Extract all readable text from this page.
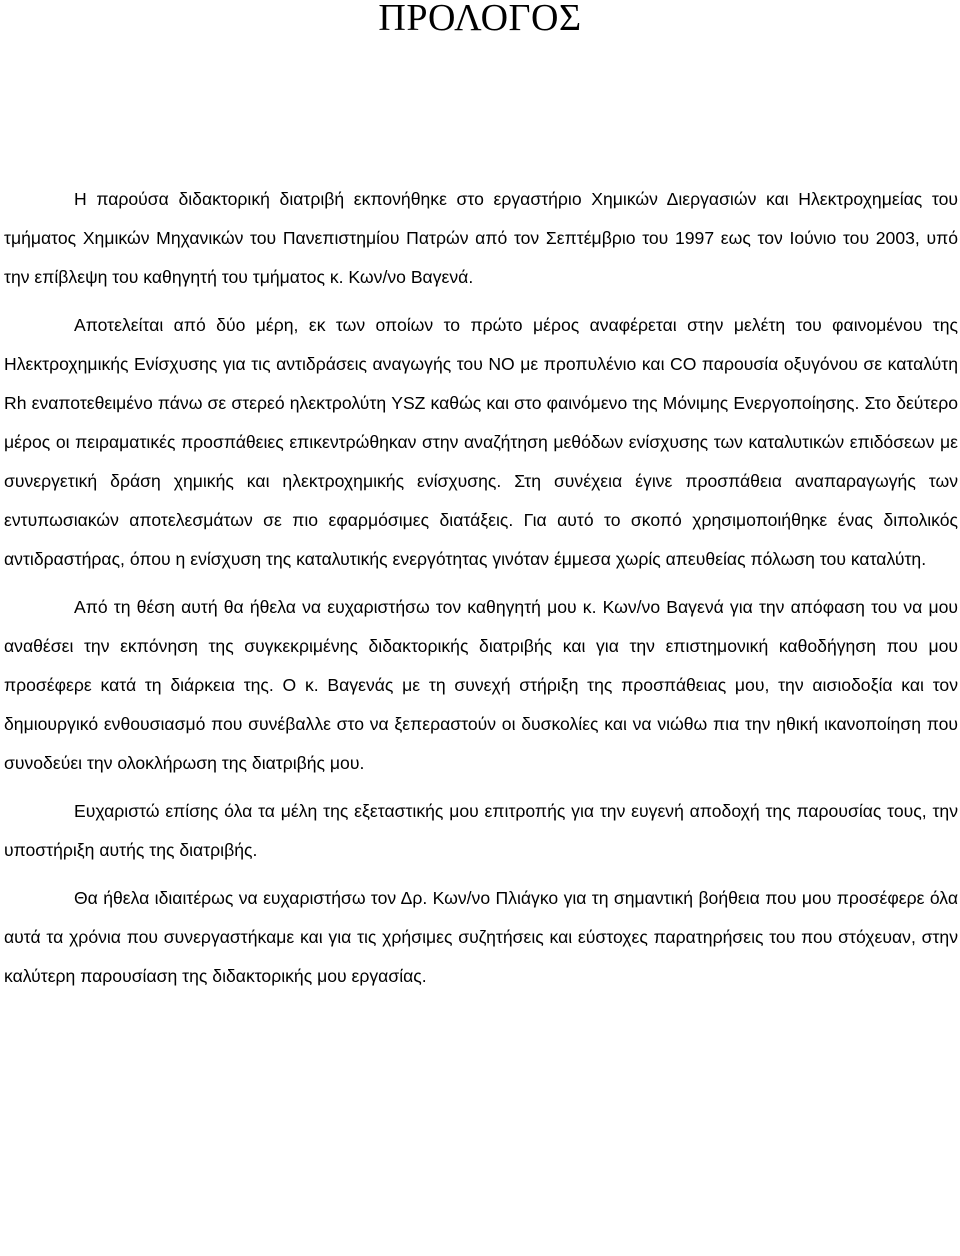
ΠΡΟΛΟΓΟΣ

Η παρούσα διδακτορική διατριβή εκπονήθηκε στο εργαστήριο Χημικών Διεργασιών και Ηλεκτροχημείας του τμήματος Χημικών Μηχανικών του Πανεπιστημίου Πατρών από τον Σεπτέμβριο του 1997 εως τον Ιούνιο του 2003, υπό την επίβλεψη του καθηγητή του τμήματος κ. Κων/νο Βαγενά.

Αποτελείται από δύο μέρη, εκ των οποίων το πρώτο μέρος αναφέρεται στην μελέτη του φαινομένου της Ηλεκτροχημικής Ενίσχυσης για τις αντιδράσεις αναγωγής του NO με προπυλένιο και CO παρουσία οξυγόνου σε καταλύτη Rh εναποτεθειμένο πάνω σε στερεό ηλεκτρολύτη YSZ καθώς και στο φαινόμενο της Μόνιμης Ενεργοποίησης. Στο δεύτερο μέρος οι πειραματικές προσπάθειες επικεντρώθηκαν στην αναζήτηση μεθόδων ενίσχυσης των καταλυτικών επιδόσεων με συνεργετική δράση χημικής και ηλεκτροχημικής ενίσχυσης. Στη συνέχεια έγινε προσπάθεια αναπαραγωγής των εντυπωσιακών αποτελεσμάτων σε πιο εφαρμόσιμες διατάξεις. Για αυτό το σκοπό χρησιμοποιήθηκε ένας διπολικός αντιδραστήρας, όπου η ενίσχυση της καταλυτικής ενεργότητας γινόταν έμμεσα χωρίς απευθείας πόλωση του καταλύτη.

Από τη θέση αυτή θα ήθελα να ευχαριστήσω τον καθηγητή μου κ. Κων/νο Βαγενά για την απόφαση του να μου αναθέσει την εκπόνηση της συγκεκριμένης διδακτορικής διατριβής και για την επιστημονική καθοδήγηση που μου προσέφερε κατά τη διάρκεια της. Ο κ. Βαγενάς με τη συνεχή στήριξη της προσπάθειας μου, την αισιοδοξία και τον δημιουργικό ενθουσιασμό που συνέβαλλε στο να ξεπεραστούν οι δυσκολίες και να νιώθω πια την ηθική ικανοποίηση που συνοδεύει την ολοκλήρωση της διατριβής μου.

Ευχαριστώ επίσης όλα τα μέλη της εξεταστικής μου επιτροπής για την ευγενή αποδοχή της παρουσίας τους, την υποστήριξη αυτής της διατριβής.

Θα ήθελα ιδιαιτέρως να ευχαριστήσω τον Δρ. Κων/νο Πλιάγκο για τη σημαντική βοήθεια που μου προσέφερε όλα αυτά τα χρόνια που συνεργαστήκαμε και για τις χρήσιμες συζητήσεις και εύστοχες παρατηρήσεις του που στόχευαν, στην καλύτερη παρουσίαση της διδακτορικής μου εργασίας.
